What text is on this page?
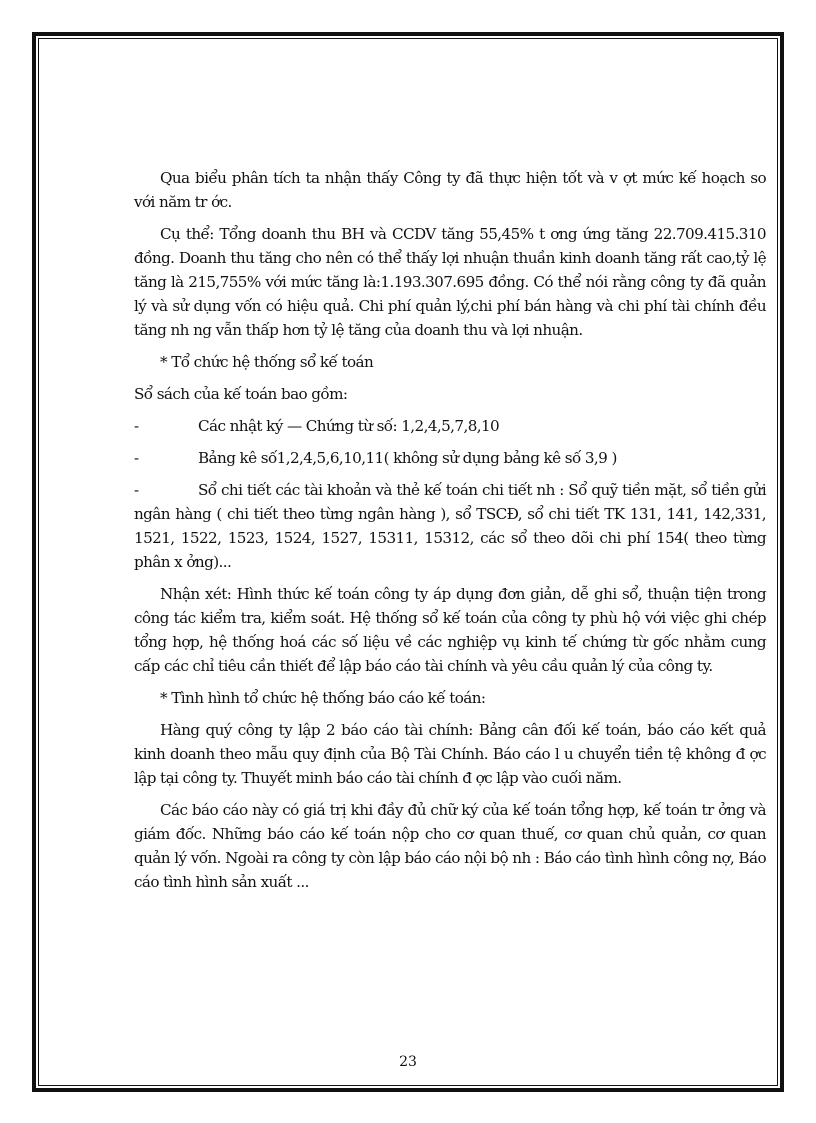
Qua biểu phân tích ta nhận thấy Công ty đã thực hiện tốt và v ợt mức kế hoạch so với năm tr ớc.

Cụ thể: Tổng doanh thu BH và CCDV tăng 55,45% t ơng ứng tăng 22.709.415.310 đồng. Doanh thu tăng cho nên có thể thấy lợi nhuận thuần kinh doanh tăng rất cao,tỷ lệ tăng là 215,755% với mức tăng là:1.193.307.695 đồng. Có thể nói rằng công ty đã quản lý và sử dụng vốn có hiệu quả. Chi phí quản lý,chi phí bán hàng và chi phí tài chính đều tăng nh ng vẫn thấp hơn tỷ lệ tăng của doanh thu và lợi nhuận.

* Tổ chức hệ thống sổ kế toán

Sổ sách của kế toán bao gồm:

-	Các nhật ký — Chứng từ số: 1,2,4,5,7,8,10
-	Bảng kê số1,2,4,5,6,10,11( không sử dụng bảng kê số 3,9 )
-	Sổ chi tiết các tài khoản và thẻ kế toán chi tiết nh : Sổ quỹ tiền mặt, sổ tiền gửi ngân hàng ( chi tiết theo từng ngân hàng ), sổ TSCĐ, sổ chi tiết TK 131, 141, 142,331, 1521, 1522, 1523, 1524, 1527, 15311, 15312, các sổ theo dõi chi phí 154( theo từng phân x ởng)...

Nhận xét: Hình thức kế toán công ty áp dụng đơn giản, dễ ghi sổ, thuận tiện trong công tác kiểm tra, kiểm soát. Hệ thống sổ kế toán của công ty phù hộ với việc ghi chép tổng hợp, hệ thống hoá các số liệu về các nghiệp vụ kinh tế chứng từ gốc nhằm cung cấp các chỉ tiêu cần thiết để lập báo cáo tài chính và yêu cầu quản lý của công ty.

* Tình hình tổ chức hệ thống báo cáo kế toán:

Hàng quý công ty lập 2 báo cáo tài chính: Bảng cân đối kế toán, báo cáo kết quả kinh doanh theo mẫu quy định của Bộ Tài Chính. Báo cáo l u chuyển tiền tệ không đ ợc lập tại công ty. Thuyết minh báo cáo tài chính đ ợc lập vào cuối năm.

Các báo cáo này có giá trị khi đầy đủ chữ ký của kế toán tổng hợp, kế toán tr ởng và giám đốc. Những báo cáo kế toán nộp cho cơ quan thuế, cơ quan chủ quản, cơ quan quản lý vốn. Ngoài ra công ty còn lập báo cáo nội bộ nh : Báo cáo tình hình công nợ, Báo cáo tình hình sản xuất ...

23
